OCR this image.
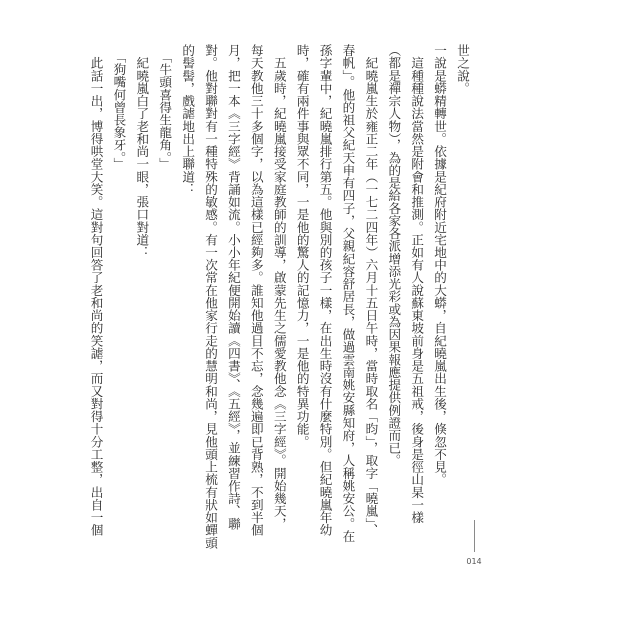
世之說。

一說是蟒精轉世。依據是紀府附近宅地中的大蟒，自紀曉嵐出生後，倏忽不見。

　這種種說法當然是附會和推測。正如有人說蘇東坡前身是五祖戒，後身是徑山杲一樣

（都是禪宗人物），為的是給各家各派增添光彩或為因果報應提供例證而已。

　紀曉嵐生於雍正二年（一七二四年）六月十五日午時，當時取名「昀」，取字「曉嵐」、

春帆」。他的祖父紀天申有四子，父親紀容舒居長，做過雲南姚安縣知府，人稱姚安公。在

孫字輩中，紀曉嵐排行第五。他與別的孩子一樣，在出生時沒有什麼特別。但紀曉嵐年幼

時，確有兩件事與眾不同，一是他的驚人的記憶力，一是他的特異功能。

　五歲時，紀曉嵐接受家庭教師的訓導，啟蒙先生之儒愛教他念《三字經》。開始幾天，

每天教他三十多個字，以為這樣已經夠多。誰知他過目不忘，念幾遍即已背熟，不到半個

月，把一本《三字經》背誦如流。小小年紀便開始讀《四書》、《五經》，並練習作詩、聯

對。他對聯對有一種特殊的敏感。有一次常在他家行走的慧明和尚，見他頭上梳有狀如蟬頭

的髻髻，戲謔地出上聯道：

　「牛頭喜得生龍角。」

　紀曉嵐白了老和尚一眼，張口對道：

　「狗嘴何曾長象牙。」

　此話一出，博得哄堂大笑。這對句回答了老和尚的笑謔，而又對得十分工整，出自一個

014
